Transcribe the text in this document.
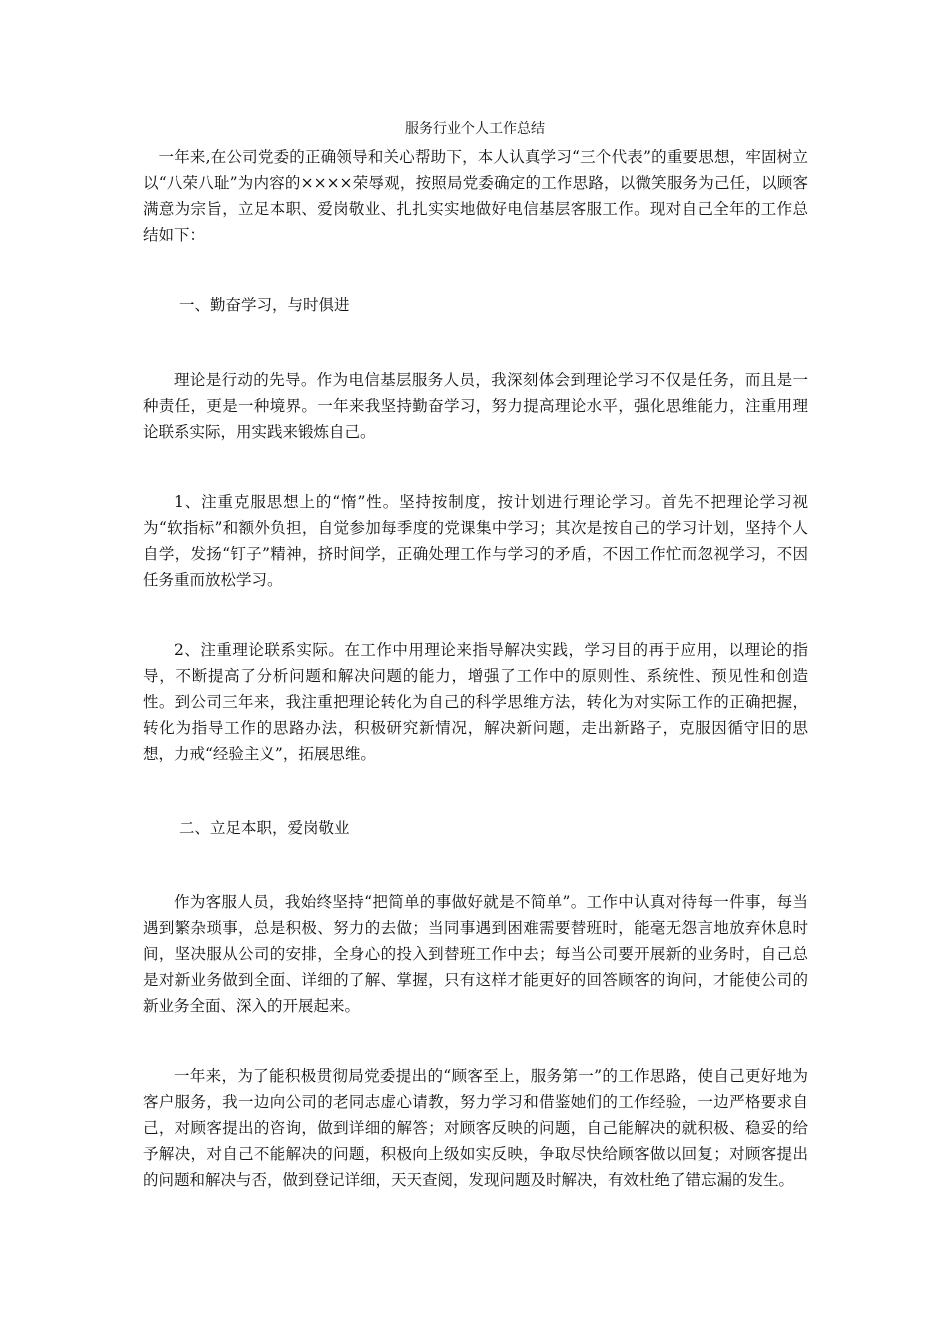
服务行业个人工作总结

一年来,在公司党委的正确领导和关心帮助下，本人认真学习“三个代表”的重要思想，牢固树立以“八荣八耻”为内容的××××荣辱观，按照局党委确定的工作思路，以微笑服务为己任，以顾客满意为宗旨，立足本职、爱岗敬业、扎扎实实地做好电信基层客服工作。现对自己全年的工作总结如下：

一、勤奋学习，与时俱进

理论是行动的先导。作为电信基层服务人员，我深刻体会到理论学习不仅是任务，而且是一种责任，更是一种境界。一年来我坚持勤奋学习，努力提高理论水平，强化思维能力，注重用理论联系实际，用实践来锻炼自己。

1、注重克服思想上的“惰”性。坚持按制度，按计划进行理论学习。首先不把理论学习视为“软指标”和额外负担，自觉参加每季度的党课集中学习；其次是按自己的学习计划，坚持个人自学，发扬“钉子”精神，挤时间学，正确处理工作与学习的矛盾，不因工作忙而忽视学习，不因任务重而放松学习。

2、注重理论联系实际。在工作中用理论来指导解决实践，学习目的再于应用，以理论的指导，不断提高了分析问题和解决问题的能力，增强了工作中的原则性、系统性、预见性和创造性。到公司三年来，我注重把理论转化为自己的科学思维方法，转化为对实际工作的正确把握，转化为指导工作的思路办法，积极研究新情况，解决新问题，走出新路子，克服因循守旧的思想，力戒“经验主义”，拓展思维。

二、立足本职，爱岗敬业

作为客服人员，我始终坚持“把简单的事做好就是不简单”。工作中认真对待每一件事，每当遇到繁杂琐事，总是积极、努力的去做；当同事遇到困难需要替班时，能毫无怨言地放弃休息时间，坚决服从公司的安排，全身心的投入到替班工作中去；每当公司要开展新的业务时，自己总是对新业务做到全面、详细的了解、掌握，只有这样才能更好的回答顾客的询问，才能使公司的新业务全面、深入的开展起来。

一年来，为了能积极贯彻局党委提出的“顾客至上，服务第一”的工作思路，使自己更好地为客户服务，我一边向公司的老同志虚心请教，努力学习和借鉴她们的工作经验，一边严格要求自己，对顾客提出的咨询，做到详细的解答；对顾客反映的问题，自己能解决的就积极、稳妥的给予解决，对自己不能解决的问题，积极向上级如实反映，争取尽快给顾客做以回复；对顾客提出的问题和解决与否，做到登记详细，天天查阅，发现问题及时解决，有效杜绝了错忘漏的发生。
